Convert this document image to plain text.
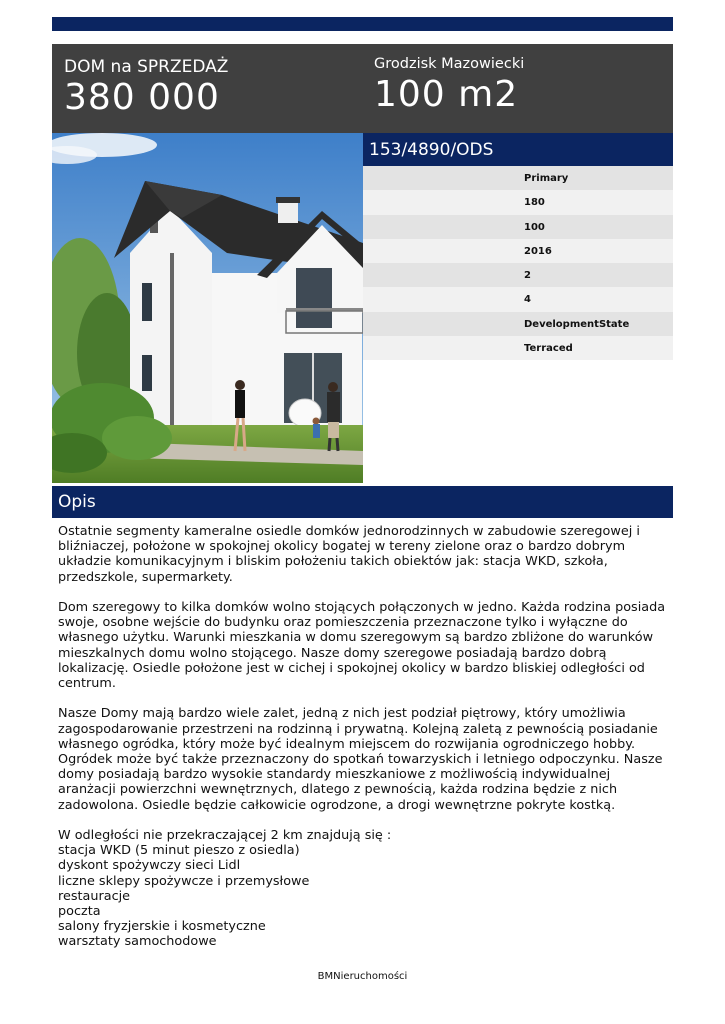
DOM na SPRZEDAŻ
380 000
Grodzisk Mazowiecki
100 m2
153/4890/ODS
Primary
180
100
2016
2
4
DevelopmentState
Terraced
Opis

Ostatnie segmenty kameralne osiedle domków jednorodzinnych w zabudowie szeregowej i bliźniaczej, położone w spokojnej okolicy bogatej w tereny zielone oraz o bardzo dobrym układzie komunikacyjnym i bliskim położeniu takich obiektów jak: stacja WKD, szkoła, przedszkole, supermarkety.

Dom szeregowy to kilka domków wolno stojących połączonych w jedno. Każda rodzina posiada swoje, osobne wejście do budynku oraz pomieszczenia przeznaczone tylko i wyłączne do własnego użytku. Warunki mieszkania w domu szeregowym są bardzo zbliżone do warunków mieszkalnych domu wolno stojącego. Nasze domy szeregowe posiadają bardzo dobrą lokalizację. Osiedle położone jest w cichej i spokojnej okolicy w bardzo bliskiej odległości od centrum.

Nasze Domy mają bardzo wiele zalet, jedną z nich jest podział piętrowy, który umożliwia zagospodarowanie przestrzeni na rodzinną i prywatną. Kolejną zaletą z pewnością posiadanie własnego ogródka, który może być idealnym miejscem do rozwijania ogrodniczego hobby. Ogródek może być także przeznaczony do spotkań towarzyskich i letniego odpoczynku. Nasze domy posiadają bardzo wysokie standardy mieszkaniowe z możliwością indywidualnej aranżacji powierzchni wewnętrznych, dlatego z pewnością, każda rodzina będzie z nich zadowolona. Osiedle będzie całkowicie ogrodzone, a drogi wewnętrzne pokryte kostką.

W odległości nie przekraczającej 2 km znajdują się :
stacja WKD (5 minut pieszo z osiedla)
dyskont spożywczy sieci Lidl
liczne sklepy spożywcze i przemysłowe
restauracje
poczta
salony fryzjerskie i kosmetyczne
warsztaty samochodowe
BMNieruchomości
